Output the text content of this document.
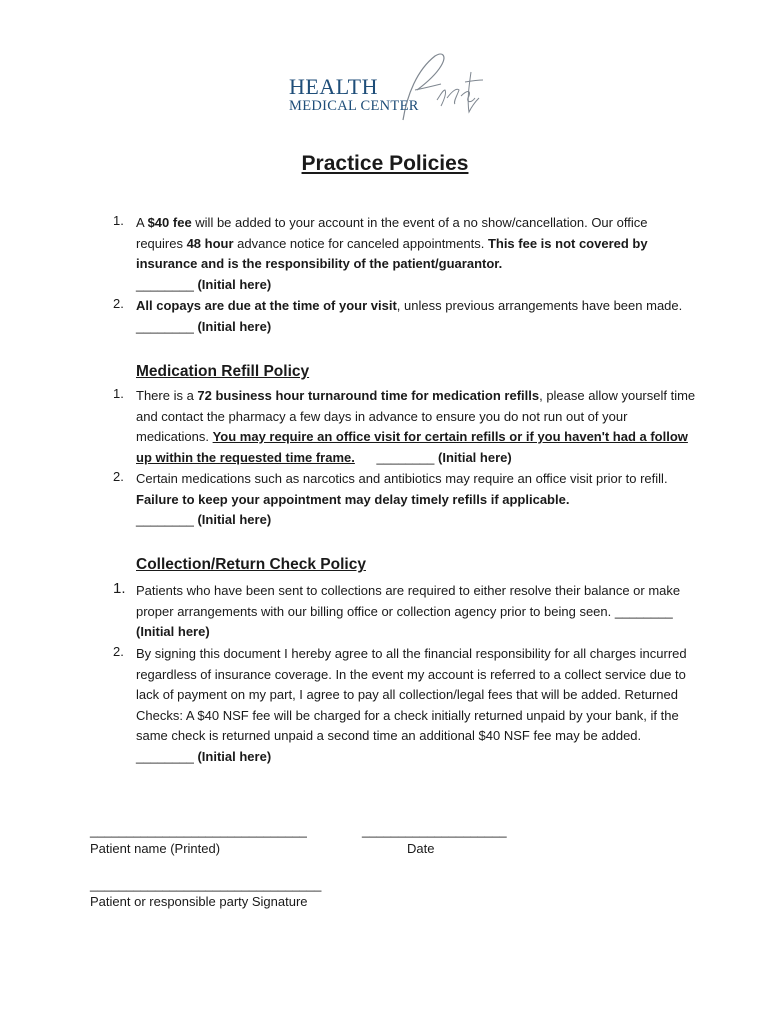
HEALTH
MEDICAL CENTER
Practice Policies
1. A $40 fee will be added to your account in the event of a no show/cancellation. Our office requires 48 hour advance notice for canceled appointments. This fee is not covered by insurance and is the responsibility of the patient/guarantor.
________ (Initial here)
2. All copays are due at the time of your visit, unless previous arrangements have been made. ________ (Initial here)
Medication Refill Policy
1. There is a 72 business hour turnaround time for medication refills, please allow yourself time and contact the pharmacy a few days in advance to ensure you do not run out of your medications. You may require an office visit for certain refills or if you haven't had a follow up within the requested time frame. ________ (Initial here)
2. Certain medications such as narcotics and antibiotics may require an office visit prior to refill. Failure to keep your appointment may delay timely refills if applicable.
________ (Initial here)
Collection/Return Check Policy
1. Patients who have been sent to collections are required to either resolve their balance or make proper arrangements with our billing office or collection agency prior to being seen. ________ (Initial here)
2. By signing this document I hereby agree to all the financial responsibility for all charges incurred regardless of insurance coverage. In the event my account is referred to a collect service due to lack of payment on my part, I agree to pay all collection/legal fees that will be added. Returned Checks: A $40 NSF fee will be charged for a check initially returned unpaid by your bank, if the same check is returned unpaid a second time an additional $40 NSF fee may be added. ________ (Initial here)
______________________________
Patient name (Printed)
____________________
Date
________________________________
Patient or responsible party Signature
